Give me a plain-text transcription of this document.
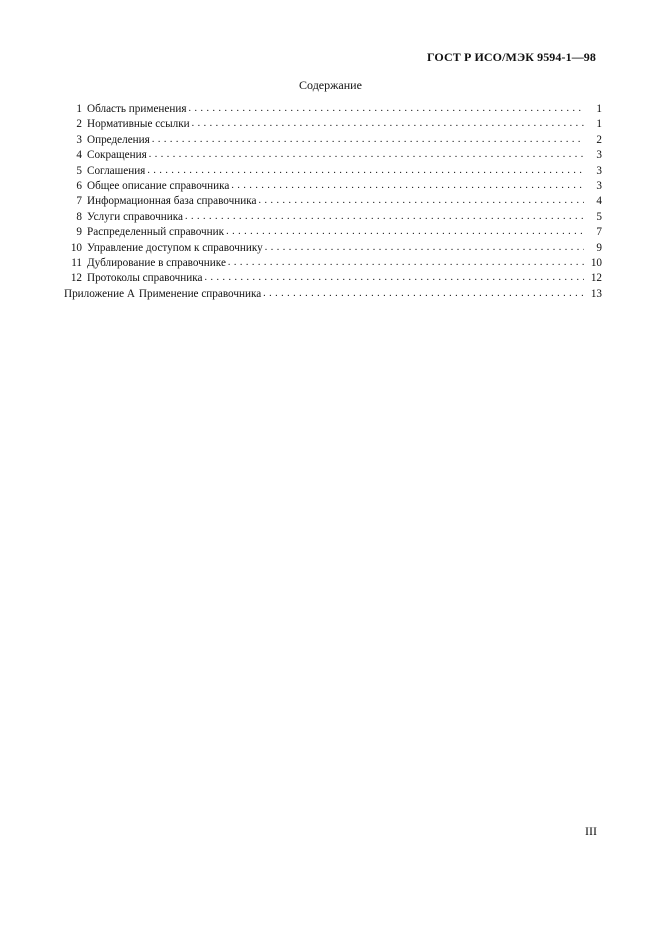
ГОСТ Р ИСО/МЭК 9594-1—98
Содержание
1 Область применения . . .	1
2 Нормативные ссылки . . .	1
3 Определения . . .	2
4 Сокращения . . .	3
5 Соглашения . . .	3
6 Общее описание справочника . . .	3
7 Информационная база справочника . . .	4
8 Услуги справочника . . .	5
9 Распределенный справочник . . .	7
10 Управление доступом к справочнику . . .	9
11 Дублирование в справочнике . . .	10
12 Протоколы справочника . . .	12
Приложение А Применение справочника . . .	13
III
